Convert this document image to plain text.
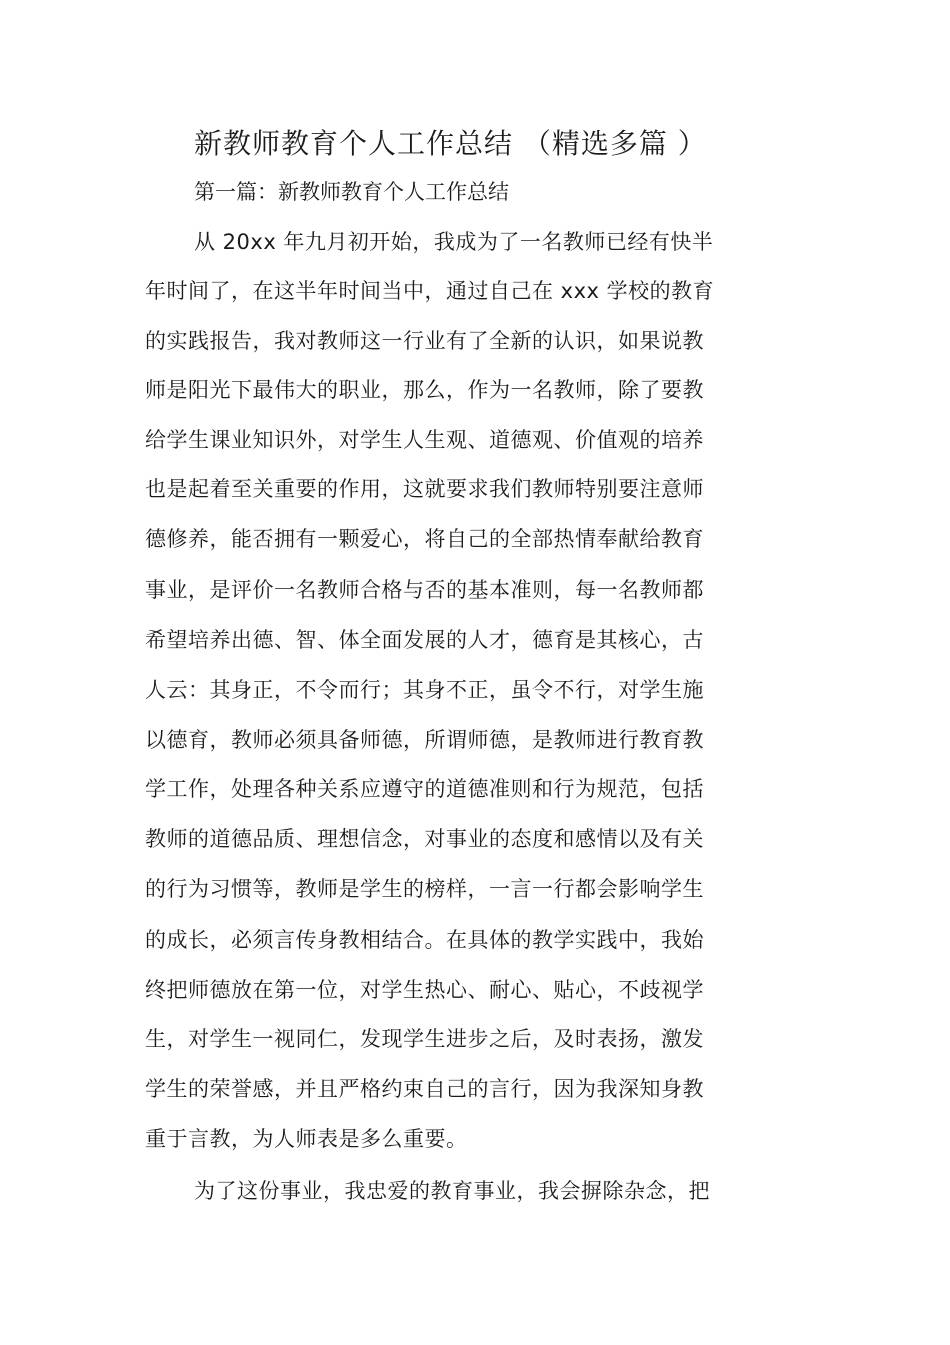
新教师教育个人工作总结 （精选多篇 ）
第一篇：新教师教育个人工作总结
从 20xx 年九月初开始，我成为了一名教师已经有快半
年时间了，在这半年时间当中，通过自己在 xxx 学校的教育
的实践报告，我对教师这一行业有了全新的认识，如果说教
师是阳光下最伟大的职业，那么，作为一名教师，除了要教
给学生课业知识外，对学生人生观、道德观、价值观的培养
也是起着至关重要的作用，这就要求我们教师特别要注意师
德修养，能否拥有一颗爱心，将自己的全部热情奉献给教育
事业，是评价一名教师合格与否的基本准则，每一名教师都
希望培养出德、智、体全面发展的人才，德育是其核心，古
人云：其身正，不令而行；其身不正，虽令不行，对学生施
以德育，教师必须具备师德，所谓师德，是教师进行教育教
学工作，处理各种关系应遵守的道德准则和行为规范，包括
教师的道德品质、理想信念，对事业的态度和感情以及有关
的行为习惯等，教师是学生的榜样，一言一行都会影响学生
的成长，必须言传身教相结合。在具体的教学实践中，我始
终把师德放在第一位，对学生热心、耐心、贴心，不歧视学
生，对学生一视同仁，发现学生进步之后，及时表扬，激发
学生的荣誉感，并且严格约束自己的言行，因为我深知身教
重于言教，为人师表是多么重要。
为了这份事业，我忠爱的教育事业，我会摒除杂念，把
